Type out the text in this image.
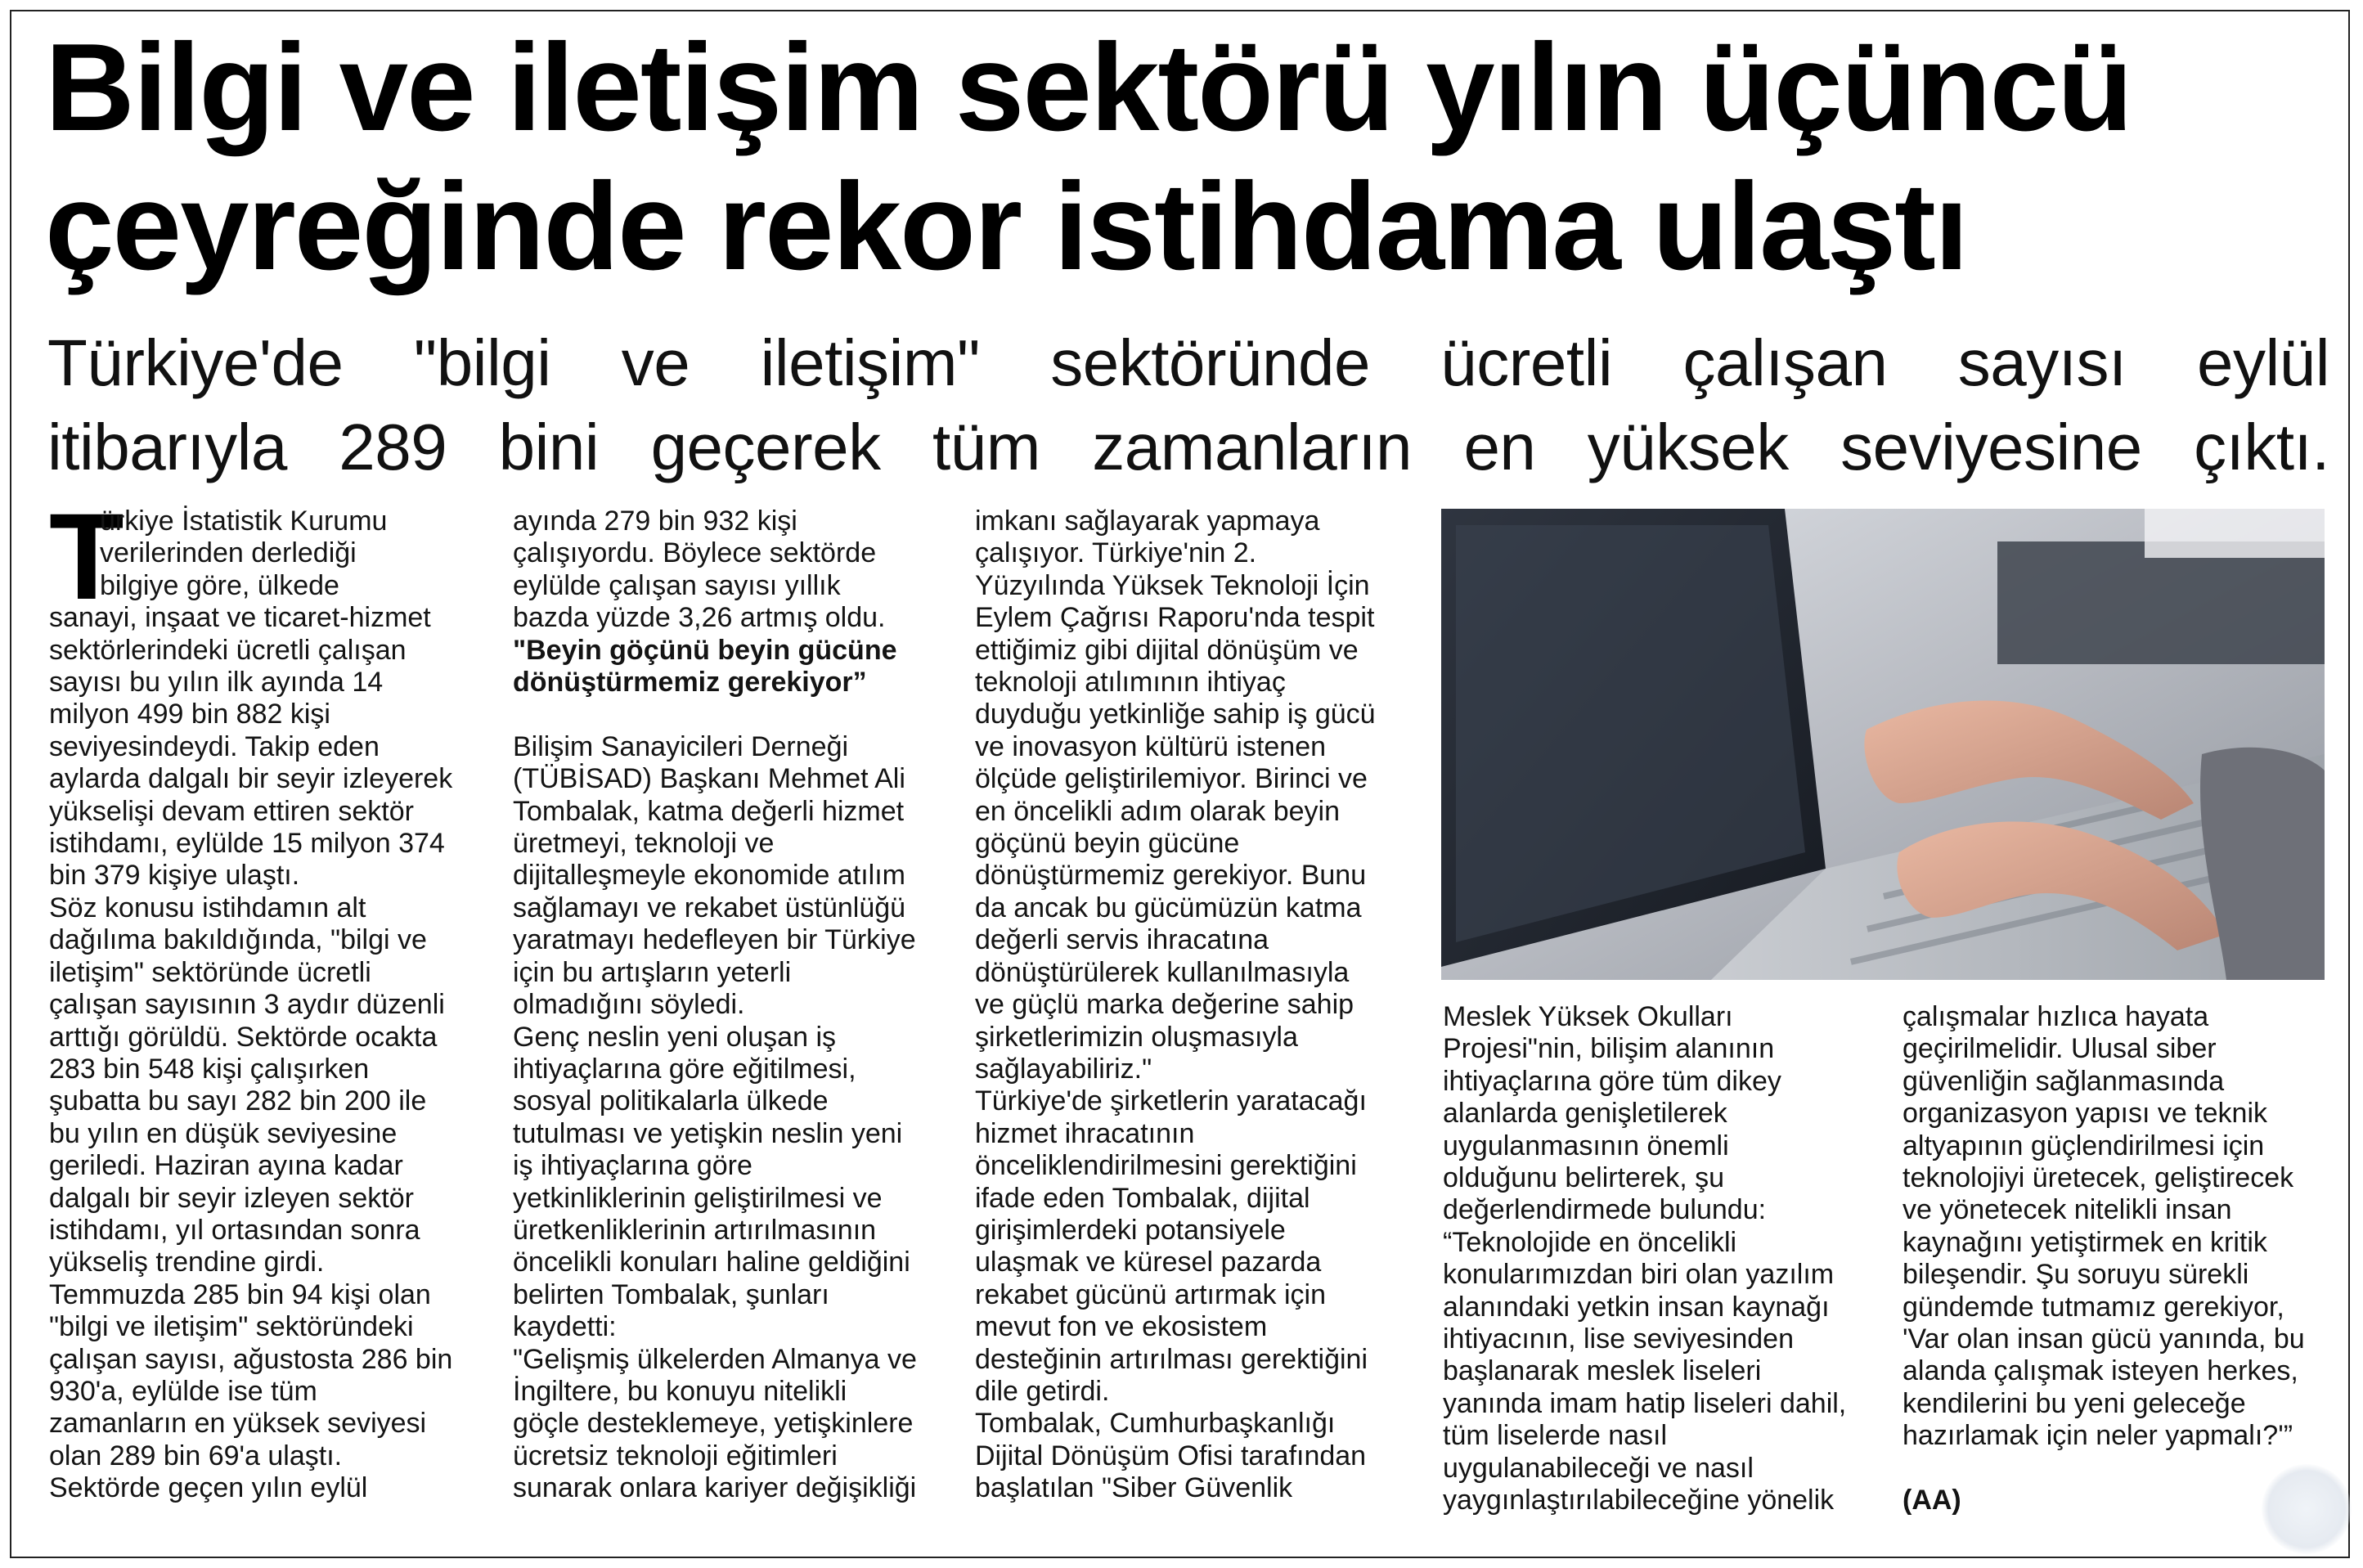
Bilgi ve iletişim sektörü yılın üçüncü
çeyreğinde rekor istihdama ulaştı
Türkiye'de "bilgi ve iletişim" sektöründe ücretli çalışan sayısı eylül
itibarıyla 289 bini geçerek tüm zamanların en yüksek seviyesine çıktı.
T

ürkiye İstatistik Kurumu

verilerinden derlediği

bilgiye göre, ülkede

sanayi, inşaat ve ticaret-hizmet

sektörlerindeki ücretli çalışan

sayısı bu yılın ilk ayında 14

milyon 499 bin 882 kişi

seviyesindeydi. Takip eden

aylarda dalgalı bir seyir izleyerek

yükselişi devam ettiren sektör

istihdamı, eylülde 15 milyon 374

bin 379 kişiye ulaştı.

Söz konusu istihdamın alt

dağılıma bakıldığında, "bilgi ve

iletişim" sektöründe ücretli

çalışan sayısının 3 aydır düzenli

arttığı görüldü. Sektörde ocakta

283 bin 548 kişi çalışırken

şubatta bu sayı 282 bin 200 ile

bu yılın en düşük seviyesine

geriledi. Haziran ayına kadar

dalgalı bir seyir izleyen sektör

istihdamı, yıl ortasından sonra

yükseliş trendine girdi.

Temmuzda 285 bin 94 kişi olan

"bilgi ve iletişim" sektöründeki

çalışan sayısı, ağustosta 286 bin

930'a, eylülde ise tüm

zamanların en yüksek seviyesi

olan 289 bin 69'a ulaştı.

Sektörde geçen yılın eylül

ayında 279 bin 932 kişi

çalışıyordu. Böylece sektörde

eylülde çalışan sayısı yıllık

bazda yüzde 3,26 artmış oldu.

"Beyin göçünü beyin gücüne

dönüştürmemiz gerekiyor”

Bilişim Sanayicileri Derneği

(TÜBİSAD) Başkanı Mehmet Ali

Tombalak, katma değerli hizmet

üretmeyi, teknoloji ve

dijitalleşmeyle ekonomide atılım

sağlamayı ve rekabet üstünlüğü

yaratmayı hedefleyen bir Türkiye

için bu artışların yeterli

olmadığını söyledi.

Genç neslin yeni oluşan iş

ihtiyaçlarına göre eğitilmesi,

sosyal politikalarla ülkede

tutulması ve yetişkin neslin yeni

iş ihtiyaçlarına göre

yetkinliklerinin geliştirilmesi ve

üretkenliklerinin artırılmasının

öncelikli konuları haline geldiğini

belirten Tombalak, şunları

kaydetti:

"Gelişmiş ülkelerden Almanya ve

İngiltere, bu konuyu nitelikli

göçle desteklemeye, yetişkinlere

ücretsiz teknoloji eğitimleri

sunarak onlara kariyer değişikliği

imkanı sağlayarak yapmaya

çalışıyor. Türkiye'nin 2.

Yüzyılında Yüksek Teknoloji İçin

Eylem Çağrısı Raporu'nda tespit

ettiğimiz gibi dijital dönüşüm ve

teknoloji atılımının ihtiyaç

duyduğu yetkinliğe sahip iş gücü

ve inovasyon kültürü istenen

ölçüde geliştirilemiyor. Birinci ve

en öncelikli adım olarak beyin

göçünü beyin gücüne

dönüştürmemiz gerekiyor. Bunu

da ancak bu gücümüzün katma

değerli servis ihracatına

dönüştürülerek kullanılmasıyla

ve güçlü marka değerine sahip

şirketlerimizin oluşmasıyla

sağlayabiliriz."

Türkiye'de şirketlerin yaratacağı

hizmet ihracatının

önceliklendirilmesini gerektiğini

ifade eden Tombalak, dijital

girişimlerdeki potansiyele

ulaşmak ve küresel pazarda

rekabet gücünü artırmak için

mevut fon ve ekosistem

desteğinin artırılması gerektiğini

dile getirdi.

Tombalak, Cumhurbaşkanlığı

Dijital Dönüşüm Ofisi tarafından

başlatılan "Siber Güvenlik

Meslek Yüksek Okulları

Projesi"nin, bilişim alanının

ihtiyaçlarına göre tüm dikey

alanlarda genişletilerek

uygulanmasının önemli

olduğunu belirterek, şu

değerlendirmede bulundu:

“Teknolojide en öncelikli

konularımızdan biri olan yazılım

alanındaki yetkin insan kaynağı

ihtiyacının, lise seviyesinden

başlanarak meslek liseleri

yanında imam hatip liseleri dahil,

tüm liselerde nasıl

uygulanabileceği ve nasıl

yaygınlaştırılabileceğine yönelik

çalışmalar hızlıca hayata

geçirilmelidir. Ulusal siber

güvenliğin sağlanmasında

organizasyon yapısı ve teknik

altyapının güçlendirilmesi için

teknolojiyi üretecek, geliştirecek

ve yönetecek nitelikli insan

kaynağını yetiştirmek en kritik

bileşendir. Şu soruyu sürekli

gündemde tutmamız gerekiyor,

'Var olan insan gücü yanında, bu

alanda çalışmak isteyen herkes,

kendilerini bu yeni geleceğe

hazırlamak için neler yapmalı?'”

(AA)
